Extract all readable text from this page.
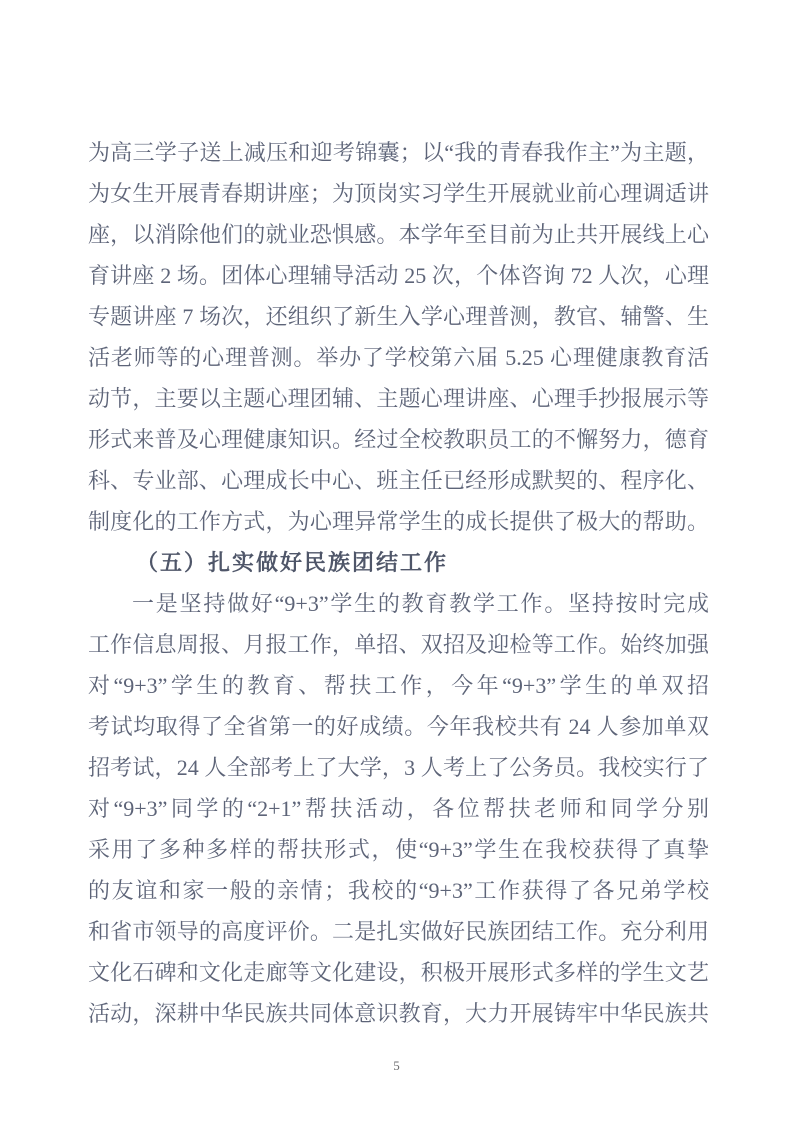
为高三学子送上减压和迎考锦囊；以“我的青春我作主”为主题，
为女生开展青春期讲座；为顶岗实习学生开展就业前心理调适讲
座，以消除他们的就业恐惧感。本学年至目前为止共开展线上心
育讲座 2 场。团体心理辅导活动 25 次，个体咨询 72 人次，心理
专题讲座 7 场次，还组织了新生入学心理普测，教官、辅警、生
活老师等的心理普测。举办了学校第六届 5.25 心理健康教育活
动节，主要以主题心理团辅、主题心理讲座、心理手抄报展示等
形式来普及心理健康知识。经过全校教职员工的不懈努力，德育
科、专业部、心理成长中心、班主任已经形成默契的、程序化、
制度化的工作方式，为心理异常学生的成长提供了极大的帮助。
（五）扎实做好民族团结工作
一是坚持做好“9+3”学生的教育教学工作。坚持按时完成
工作信息周报、月报工作，单招、双招及迎检等工作。始终加强
对“9+3”学生的教育、帮扶工作，今年“9+3”学生的单双招
考试均取得了全省第一的好成绩。今年我校共有 24 人参加单双
招考试，24 人全部考上了大学，3 人考上了公务员。我校实行了
对“9+3”同学的“2+1”帮扶活动，各位帮扶老师和同学分别
采用了多种多样的帮扶形式，使“9+3”学生在我校获得了真挚
的友谊和家一般的亲情；我校的“9+3”工作获得了各兄弟学校
和省市领导的高度评价。二是扎实做好民族团结工作。充分利用
文化石碑和文化走廊等文化建设，积极开展形式多样的学生文艺
活动，深耕中华民族共同体意识教育，大力开展铸牢中华民族共
5
